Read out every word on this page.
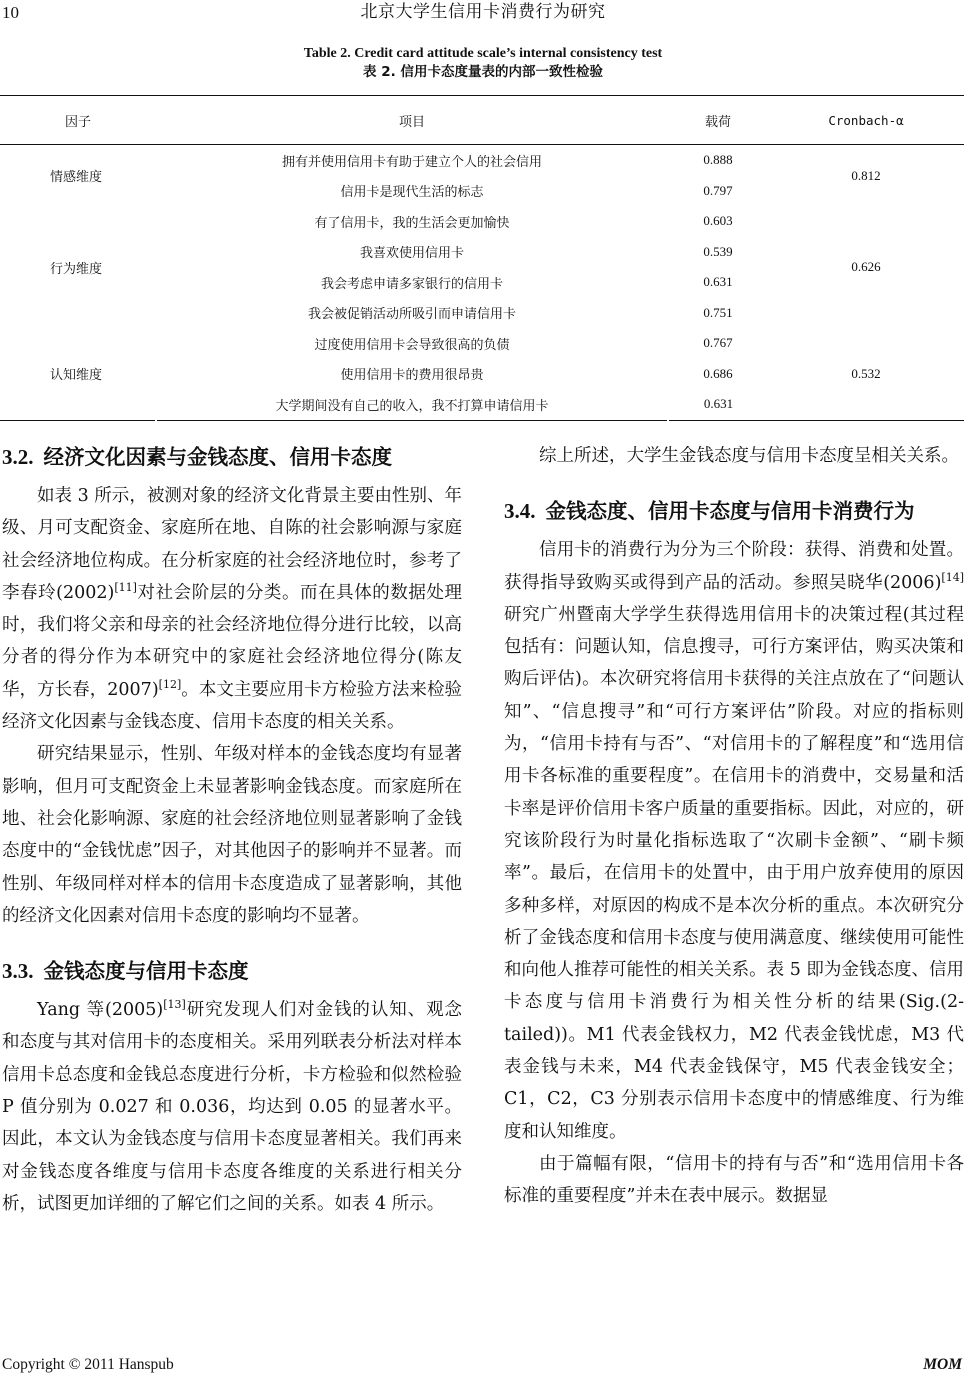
10	北京大学生信用卡消费行为研究
Table 2. Credit card attitude scale’s internal consistency test
表 2. 信用卡态度量表的内部一致性检验
因子	项目	载荷	Cronbach-α
情感维度	拥有并使用信用卡有助于建立个人的社会信用	0.888	0.812
	信用卡是现代生活的标志	0.797	
行为维度	有了信用卡，我的生活会更加愉快	0.603	0.626
	我喜欢使用信用卡	0.539	
	我会考虑申请多家银行的信用卡	0.631	
	我会被促销活动所吸引而申请信用卡	0.751	
认知维度	过度使用信用卡会导致很高的负债	0.767	0.532
	使用信用卡的费用很昂贵	0.686	
	大学期间没有自己的收入，我不打算申请信用卡	0.631	
3.2. 经济文化因素与金钱态度、信用卡态度

如表 3 所示，被测对象的经济文化背景主要由性别、年级、月可支配资金、家庭所在地、自陈的社会影响源与家庭社会经济地位构成。在分析家庭的社会经济地位时，参考了李春玲(2002)[11]对社会阶层的分类。而在具体的数据处理时，我们将父亲和母亲的社会经济地位得分进行比较，以高分者的得分作为本研究中的家庭社会经济地位得分(陈友华，方长春，2007)[12]。本文主要应用卡方检验方法来检验经济文化因素与金钱态度、信用卡态度的相关关系。

研究结果显示，性别、年级对样本的金钱态度均有显著影响，但月可支配资金上未显著影响金钱态度。而家庭所在地、社会化影响源、家庭的社会经济地位则显著影响了金钱态度中的“金钱忧虑”因子，对其他因子的影响并不显著。而性别、年级同样对样本的信用卡态度造成了显著影响，其他的经济文化因素对信用卡态度的影响均不显著。

3.3. 金钱态度与信用卡态度

Yang 等(2005)[13]研究发现人们对金钱的认知、观念和态度与其对信用卡的态度相关。采用列联表分析法对样本信用卡总态度和金钱总态度进行分析，卡方检验和似然检验 P 值分别为 0.027 和 0.036，均达到 0.05 的显著水平。因此，本文认为金钱态度与信用卡态度显著相关。我们再来对金钱态度各维度与信用卡态度各维度的关系进行相关分析，试图更加详细的了解它们之间的关系。如表 4 所示。

综上所述，大学生金钱态度与信用卡态度呈相关关系。

3.4. 金钱态度、信用卡态度与信用卡消费行为

信用卡的消费行为分为三个阶段：获得、消费和处置。获得指导致购买或得到产品的活动。参照吴晓华(2006)[14]研究广州暨南大学学生获得选用信用卡的决策过程(其过程包括有：问题认知，信息搜寻，可行方案评估，购买决策和购后评估)。本次研究将信用卡获得的关注点放在了“问题认知”、“信息搜寻”和“可行方案评估”阶段。对应的指标则为，“信用卡持有与否”、“对信用卡的了解程度”和“选用信用卡各标准的重要程度”。在信用卡的消费中，交易量和活卡率是评价信用卡客户质量的重要指标。因此，对应的，研究该阶段行为时量化指标选取了“次刷卡金额”、“刷卡频率”。最后，在信用卡的处置中，由于用户放弃使用的原因多种多样，对原因的构成不是本次分析的重点。本次研究分析了金钱态度和信用卡态度与使用满意度、继续使用可能性和向他人推荐可能性的相关关系。表 5 即为金钱态度、信用卡态度与信用卡消费行为相关性分析的结果(Sig.(2-tailed))。M1 代表金钱权力，M2 代表金钱忧虑，M3 代表金钱与未来，M4 代表金钱保守，M5 代表金钱安全；C1，C2，C3 分别表示信用卡态度中的情感维度、行为维度和认知维度。

由于篇幅有限，“信用卡的持有与否”和“选用信用卡各标准的重要程度”并未在表中展示。数据显

Copyright © 2011 Hanspub	MOM
